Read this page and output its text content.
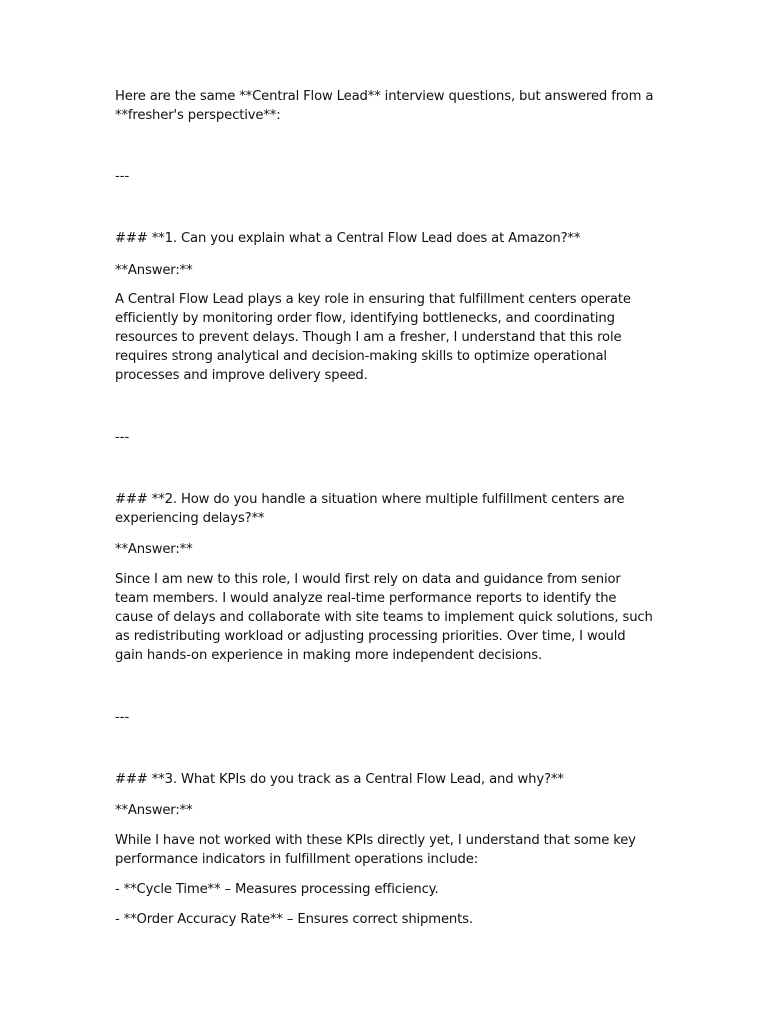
Here are the same **Central Flow Lead** interview questions, but answered from a **fresher's perspective**:

---

### **1. Can you explain what a Central Flow Lead does at Amazon?**

**Answer:**

A Central Flow Lead plays a key role in ensuring that fulfillment centers operate efficiently by monitoring order flow, identifying bottlenecks, and coordinating resources to prevent delays. Though I am a fresher, I understand that this role requires strong analytical and decision-making skills to optimize operational processes and improve delivery speed.

---

### **2. How do you handle a situation where multiple fulfillment centers are experiencing delays?**

**Answer:**

Since I am new to this role, I would first rely on data and guidance from senior team members. I would analyze real-time performance reports to identify the cause of delays and collaborate with site teams to implement quick solutions, such as redistributing workload or adjusting processing priorities. Over time, I would gain hands-on experience in making more independent decisions.

---

### **3. What KPIs do you track as a Central Flow Lead, and why?**

**Answer:**

While I have not worked with these KPIs directly yet, I understand that some key performance indicators in fulfillment operations include:

- **Cycle Time** – Measures processing efficiency.

- **Order Accuracy Rate** – Ensures correct shipments.
